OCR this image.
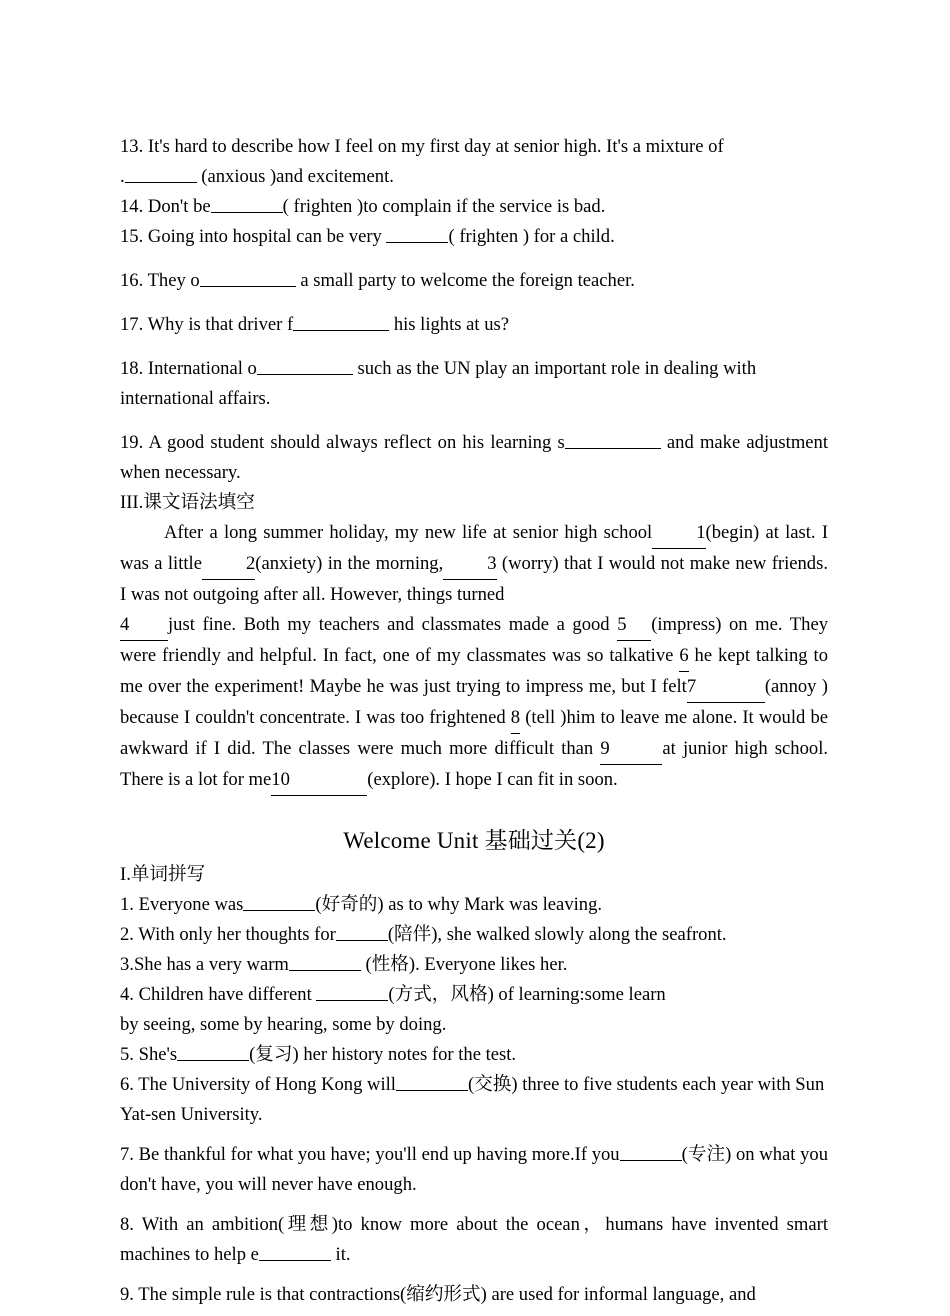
13. It's hard to describe how I feel on my first day at senior high. It's a mixture of

.	(anxious )and excitement.

14. Don't be	( frighten )to complain if the service is bad.

15. Going into hospital can be very	( frighten ) for a child.

16. They o	a small party to welcome the foreign teacher.

17. Why is that driver f	his lights at us?

18. International o	such as the UN play an important role in dealing with international affairs.

19. A good student should always reflect on his learning s	and make adjustment when necessary.

III.课文语法填空

After a long summer holiday, my new life at senior high school 1(begin) at last. I was a little 2(anxiety) in the morning, 3 (worry) that I would not make new friends. I was not outgoing after all. However, things turned

4 just fine. Both my teachers and classmates made a good 5 (impress) on me. They were friendly and helpful. In fact, one of my classmates was so talkative 6 he kept talking to me over the experiment! Maybe he was just trying to impress me, but I felt7	(annoy ) because I couldn't concentrate. I was too frightened 8 (tell )him to leave me alone. It would be awkward if I did. The classes were much more difficult than 9	at junior high school. There is a lot for me10	(explore). I hope I can fit in soon.

Welcome Unit 基础过关(2)

I.单词拼写

1. Everyone was	(好奇的) as to why Mark was leaving.

2. With only her thoughts for	(陪伴), she walked slowly along the seafront.

3.She has a very warm	(性格). Everyone likes her.

4. Children have different	(方式，风格) of learning:some learn

by seeing, some by hearing, some by doing.

5. She's	(复习) her history notes for the test.

6. The University of Hong Kong will	(交换) three to five students each year with Sun Yat-sen University.

7. Be thankful for what you have; you'll end up having more.If you	(专注) on what you don't have, you will never have enough.

8. With an ambition(理想)to know more about the ocean，humans have invented smart machines to help e	it.

9. The simple rule is that contractions(缩约形式) are used for informal language, and
